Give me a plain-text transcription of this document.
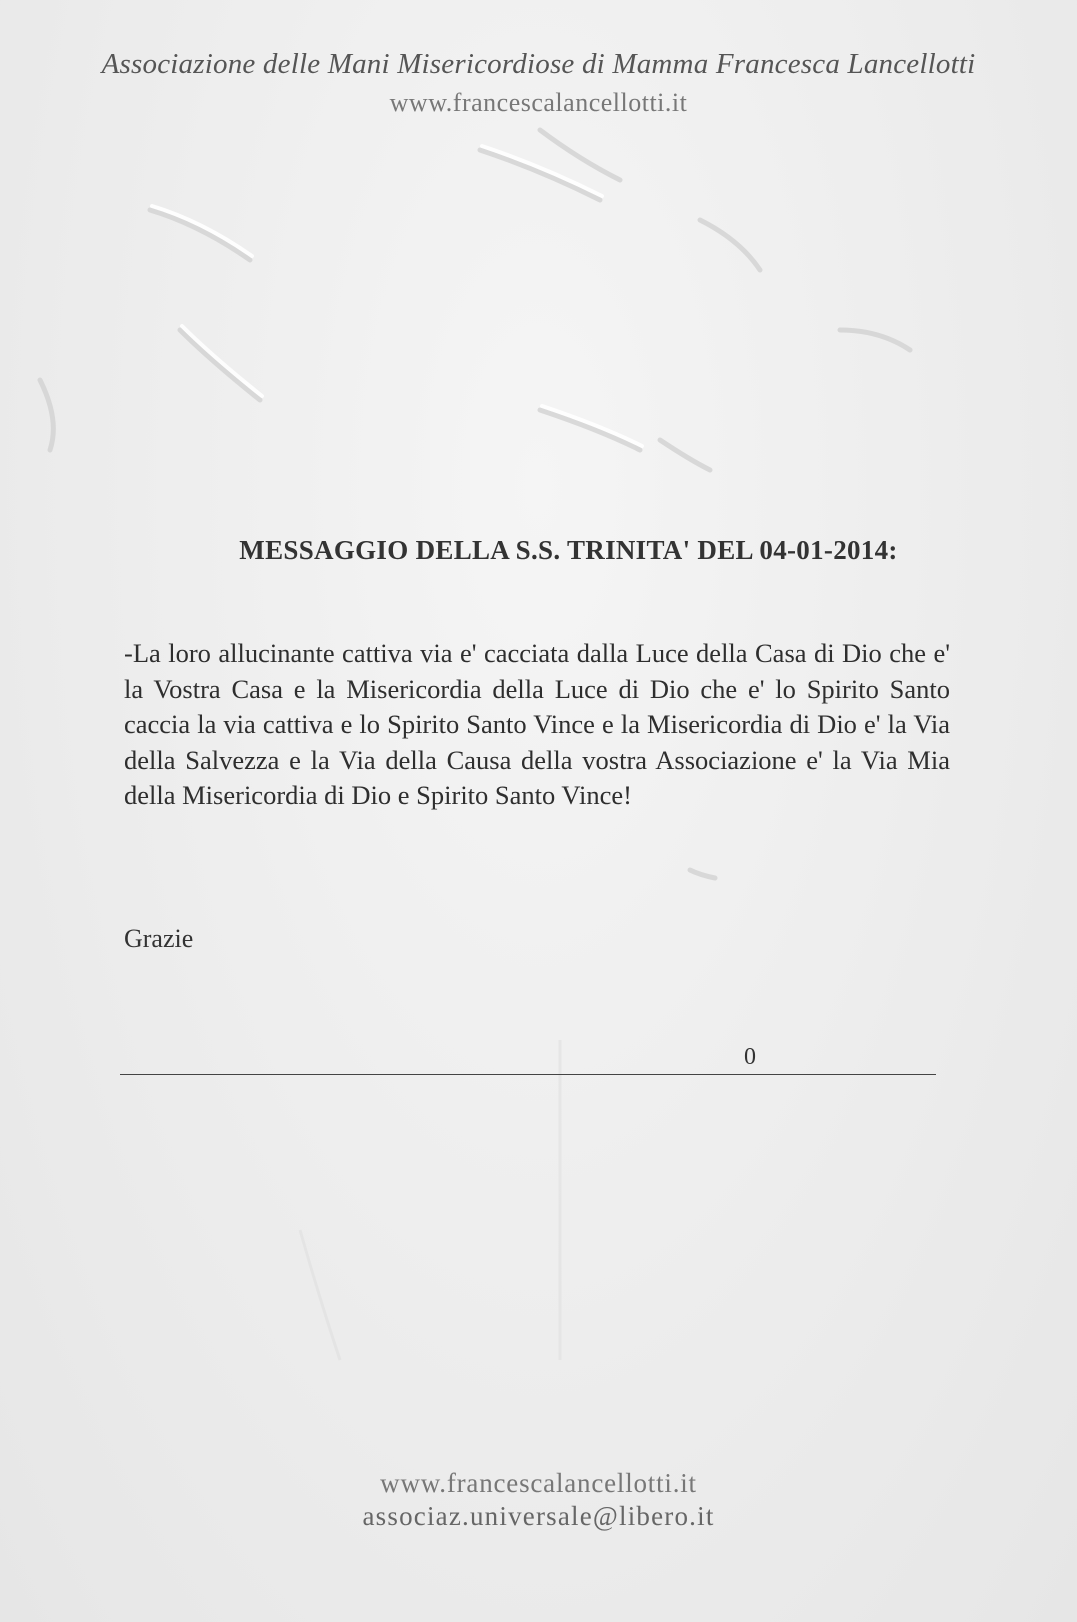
Associazione delle Mani Misericordiose di Mamma Francesca Lancellotti
www.francescalancellotti.it
MESSAGGIO DELLA S.S. TRINITA' DEL 04-01-2014:
-La loro allucinante cattiva via e' cacciata dalla Luce della Casa di Dio che e' la Vostra Casa e la Misericordia della Luce di Dio che e' lo Spirito Santo caccia la via cattiva e lo Spirito Santo Vince e la Misericordia di Dio e' la Via della Salvezza e la Via della Causa della vostra Associazione e' la Via Mia della Misericordia di Dio e Spirito Santo Vince!
Grazie
0
www.francescalancellotti.it
associaz.universale@libero.it
